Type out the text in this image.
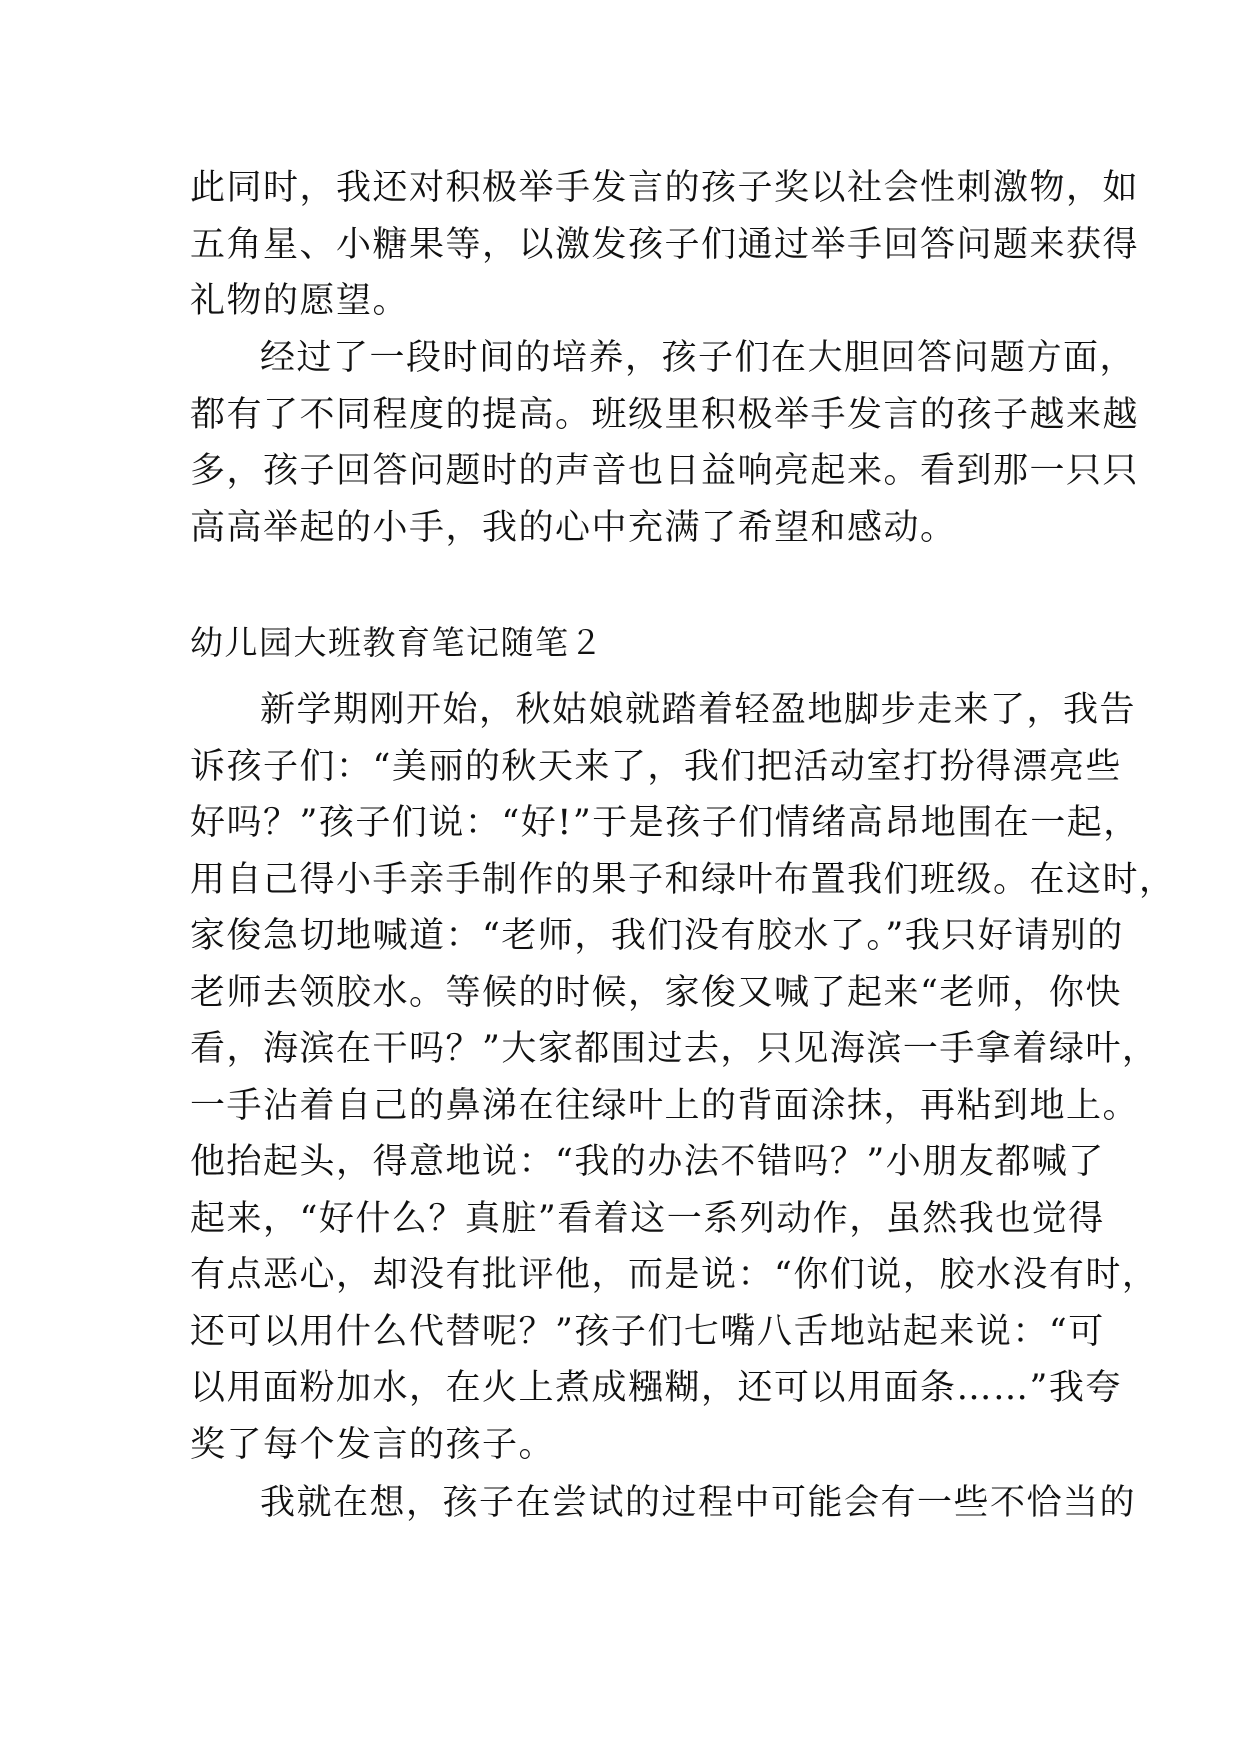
此同时，我还对积极举手发言的孩子奖以社会性刺激物，如
五角星、小糖果等，以激发孩子们通过举手回答问题来获得
礼物的愿望。
经过了一段时间的培养，孩子们在大胆回答问题方面，
都有了不同程度的提高。班级里积极举手发言的孩子越来越
多，孩子回答问题时的声音也日益响亮起来。看到那一只只
高高举起的小手，我的心中充满了希望和感动。
幼儿园大班教育笔记随笔２
新学期刚开始，秋姑娘就踏着轻盈地脚步走来了，我告
诉孩子们：“美丽的秋天来了，我们把活动室打扮得漂亮些
好吗？”孩子们说：“好!”于是孩子们情绪高昂地围在一起，
用自己得小手亲手制作的果子和绿叶布置我们班级。在这时，
家俊急切地喊道：“老师，我们没有胶水了。”我只好请别的
老师去领胶水。等候的时候，家俊又喊了起来“老师，你快
看，海滨在干吗？”大家都围过去，只见海滨一手拿着绿叶，
一手沾着自己的鼻涕在往绿叶上的背面涂抹，再粘到地上。
他抬起头，得意地说：“我的办法不错吗？”小朋友都喊了
起来，“好什么？真脏”看着这一系列动作，虽然我也觉得
有点恶心，却没有批评他，而是说：“你们说，胶水没有时，
还可以用什么代替呢？”孩子们七嘴八舌地站起来说：“可
以用面粉加水，在火上煮成糨糊，还可以用面条……”我夸
奖了每个发言的孩子。
我就在想，孩子在尝试的过程中可能会有一些不恰当的
